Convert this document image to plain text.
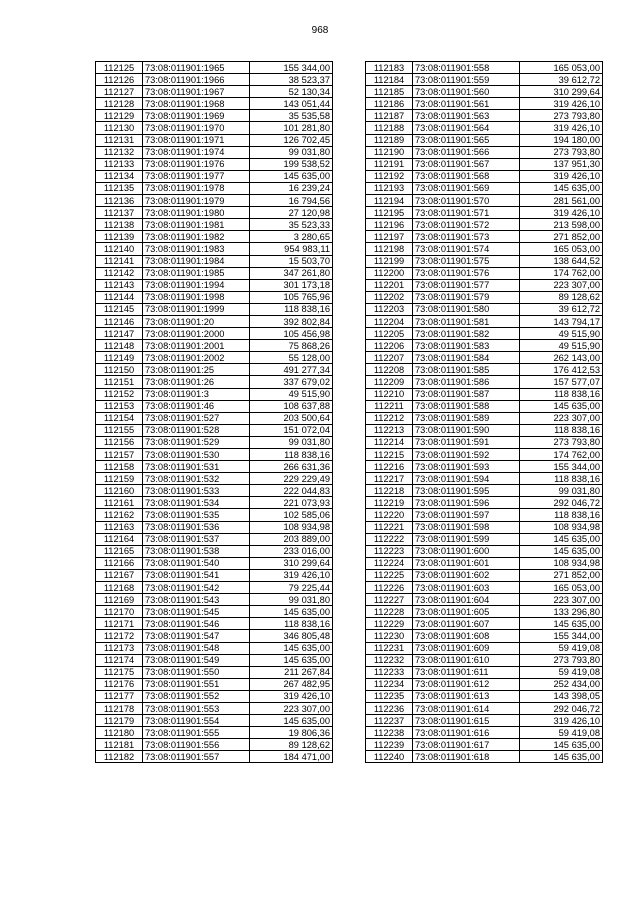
968
112125	73:08:011901:1965	155 344,00
112126	73:08:011901:1966	38 523,37
112127	73:08:011901:1967	52 130,34
112128	73:08:011901:1968	143 051,44
112129	73:08:011901:1969	35 535,58
112130	73:08:011901:1970	101 281,80
112131	73:08:011901:1971	126 702,45
112132	73:08:011901:1974	99 031,80
112133	73:08:011901:1976	199 538,52
112134	73:08:011901:1977	145 635,00
112135	73:08:011901:1978	16 239,24
112136	73:08:011901:1979	16 794,56
112137	73:08:011901:1980	27 120,98
112138	73:08:011901:1981	35 523,33
112139	73:08:011901:1982	3 280,65
112140	73:08:011901:1983	954 983,11
112141	73:08:011901:1984	15 503,70
112142	73:08:011901:1985	347 261,80
112143	73:08:011901:1994	301 173,18
112144	73:08:011901:1998	105 765,96
112145	73:08:011901:1999	118 838,16
112146	73:08:011901:20	392 802,84
112147	73:08:011901:2000	105 456,98
112148	73:08:011901:2001	75 868,26
112149	73:08:011901:2002	55 128,00
112150	73:08:011901:25	491 277,34
112151	73:08:011901:26	337 679,02
112152	73:08:011901:3	49 515,90
112153	73:08:011901:46	108 637,88
112154	73:08:011901:527	203 500,64
112155	73:08:011901:528	151 072,04
112156	73:08:011901:529	99 031,80
112157	73:08:011901:530	118 838,16
112158	73:08:011901:531	266 631,36
112159	73:08:011901:532	229 229,49
112160	73:08:011901:533	222 044,83
112161	73:08:011901:534	221 073,93
112162	73:08:011901:535	102 585,06
112163	73:08:011901:536	108 934,98
112164	73:08:011901:537	203 889,00
112165	73:08:011901:538	233 016,00
112166	73:08:011901:540	310 299,64
112167	73:08:011901:541	319 426,10
112168	73:08:011901:542	79 225,44
112169	73:08:011901:543	99 031,80
112170	73:08:011901:545	145 635,00
112171	73:08:011901:546	118 838,16
112172	73:08:011901:547	346 805,48
112173	73:08:011901:548	145 635,00
112174	73:08:011901:549	145 635,00
112175	73:08:011901:550	211 267,84
112176	73:08:011901:551	267 482,95
112177	73:08:011901:552	319 426,10
112178	73:08:011901:553	223 307,00
112179	73:08:011901:554	145 635,00
112180	73:08:011901:555	19 806,36
112181	73:08:011901:556	89 128,62
112182	73:08:011901:557	184 471,00
112183	73:08:011901:558	165 053,00
112184	73:08:011901:559	39 612,72
112185	73:08:011901:560	310 299,64
112186	73:08:011901:561	319 426,10
112187	73:08:011901:563	273 793,80
112188	73:08:011901:564	319 426,10
112189	73:08:011901:565	194 180,00
112190	73:08:011901:566	273 793,80
112191	73:08:011901:567	137 951,30
112192	73:08:011901:568	319 426,10
112193	73:08:011901:569	145 635,00
112194	73:08:011901:570	281 561,00
112195	73:08:011901:571	319 426,10
112196	73:08:011901:572	213 598,00
112197	73:08:011901:573	271 852,00
112198	73:08:011901:574	165 053,00
112199	73:08:011901:575	138 644,52
112200	73:08:011901:576	174 762,00
112201	73:08:011901:577	223 307,00
112202	73:08:011901:579	89 128,62
112203	73:08:011901:580	39 612,72
112204	73:08:011901:581	143 794,17
112205	73:08:011901:582	49 515,90
112206	73:08:011901:583	49 515,90
112207	73:08:011901:584	262 143,00
112208	73:08:011901:585	176 412,53
112209	73:08:011901:586	157 577,07
112210	73:08:011901:587	118 838,16
112211	73:08:011901:588	145 635,00
112212	73:08:011901:589	223 307,00
112213	73:08:011901:590	118 838,16
112214	73:08:011901:591	273 793,80
112215	73:08:011901:592	174 762,00
112216	73:08:011901:593	155 344,00
112217	73:08:011901:594	118 838,16
112218	73:08:011901:595	99 031,80
112219	73:08:011901:596	292 046,72
112220	73:08:011901:597	118 838,16
112221	73:08:011901:598	108 934,98
112222	73:08:011901:599	145 635,00
112223	73:08:011901:600	145 635,00
112224	73:08:011901:601	108 934,98
112225	73:08:011901:602	271 852,00
112226	73:08:011901:603	165 053,00
112227	73:08:011901:604	223 307,00
112228	73:08:011901:605	133 296,80
112229	73:08:011901:607	145 635,00
112230	73:08:011901:608	155 344,00
112231	73:08:011901:609	59 419,08
112232	73:08:011901:610	273 793,80
112233	73:08:011901:611	59 419,08
112234	73:08:011901:612	252 434,00
112235	73:08:011901:613	143 398,05
112236	73:08:011901:614	292 046,72
112237	73:08:011901:615	319 426,10
112238	73:08:011901:616	59 419,08
112239	73:08:011901:617	145 635,00
112240	73:08:011901:618	145 635,00
